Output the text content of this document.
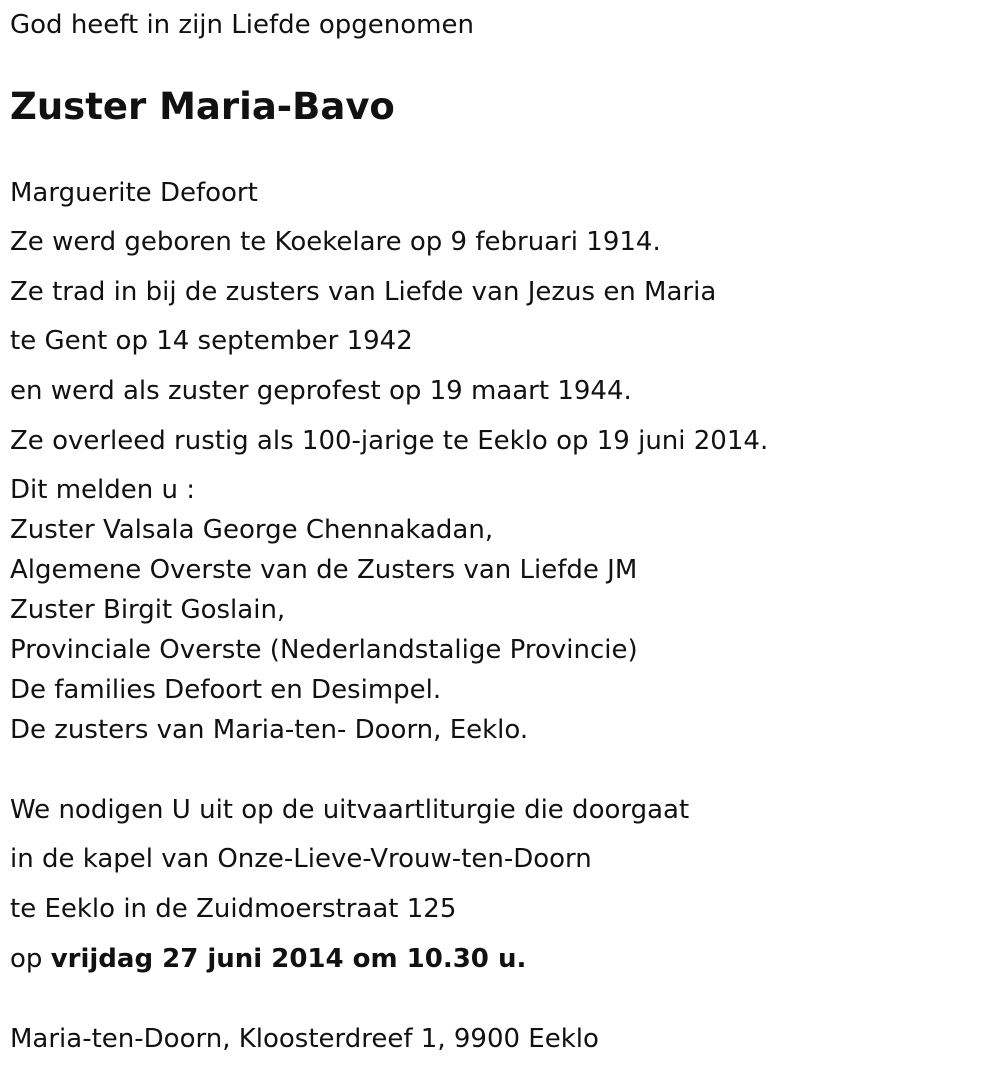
God heeft in zijn Liefde opgenomen

Zuster Maria-Bavo

Marguerite Defoort

Ze werd geboren te Koekelare op 9 februari 1914.

Ze trad in bij de zusters van Liefde van Jezus en Maria

te Gent op 14 september 1942

en werd als zuster geprofest op 19 maart 1944.

Ze overleed rustig als 100-jarige te Eeklo op 19 juni 2014.

Dit melden u :

Zuster Valsala George Chennakadan,

Algemene Overste van de Zusters van Liefde JM

Zuster Birgit Goslain,

Provinciale Overste (Nederlandstalige Provincie)

De families Defoort en Desimpel.

De zusters van Maria-ten- Doorn, Eeklo.

We nodigen U uit op de uitvaartliturgie die doorgaat

in de kapel van Onze-Lieve-Vrouw-ten-Doorn

te Eeklo in de Zuidmoerstraat 125

op vrijdag 27 juni 2014 om 10.30 u.

Maria-ten-Doorn, Kloosterdreef 1, 9900 Eeklo
